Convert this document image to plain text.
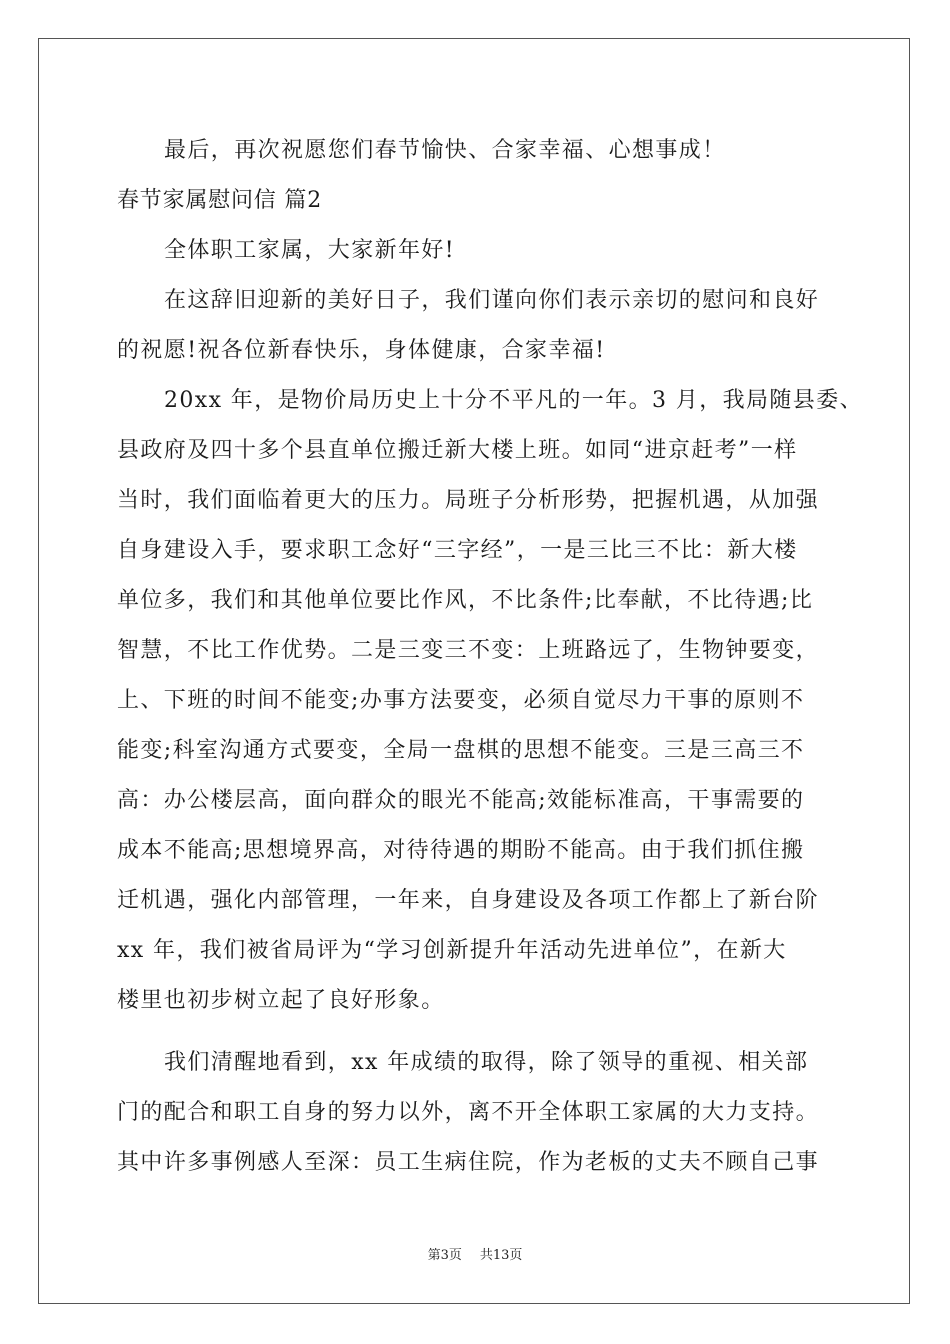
最后，再次祝愿您们春节愉快、合家幸福、心想事成！
春节家属慰问信 篇2
全体职工家属，大家新年好!
在这辞旧迎新的美好日子，我们谨向你们表示亲切的慰问和良好
的祝愿!祝各位新春快乐，身体健康，合家幸福!
20xx 年，是物价局历史上十分不平凡的一年。3 月，我局随县委、
县政府及四十多个县直单位搬迁新大楼上班。如同“进京赶考”一样
当时，我们面临着更大的压力。局班子分析形势，把握机遇，从加强
自身建设入手，要求职工念好“三字经”，一是三比三不比：新大楼
单位多，我们和其他单位要比作风，不比条件;比奉献，不比待遇;比
智慧，不比工作优势。二是三变三不变：上班路远了，生物钟要变，
上、下班的时间不能变;办事方法要变，必须自觉尽力干事的原则不
能变;科室沟通方式要变，全局一盘棋的思想不能变。三是三高三不
高：办公楼层高，面向群众的眼光不能高;效能标准高，干事需要的
成本不能高;思想境界高，对待待遇的期盼不能高。由于我们抓住搬
迁机遇，强化内部管理，一年来，自身建设及各项工作都上了新台阶
xx 年，我们被省局评为“学习创新提升年活动先进单位”，在新大
楼里也初步树立起了良好形象。
我们清醒地看到，xx 年成绩的取得，除了领导的重视、相关部
门的配合和职工自身的努力以外，离不开全体职工家属的大力支持。
其中许多事例感人至深：员工生病住院，作为老板的丈夫不顾自己事
第3页 共13页
